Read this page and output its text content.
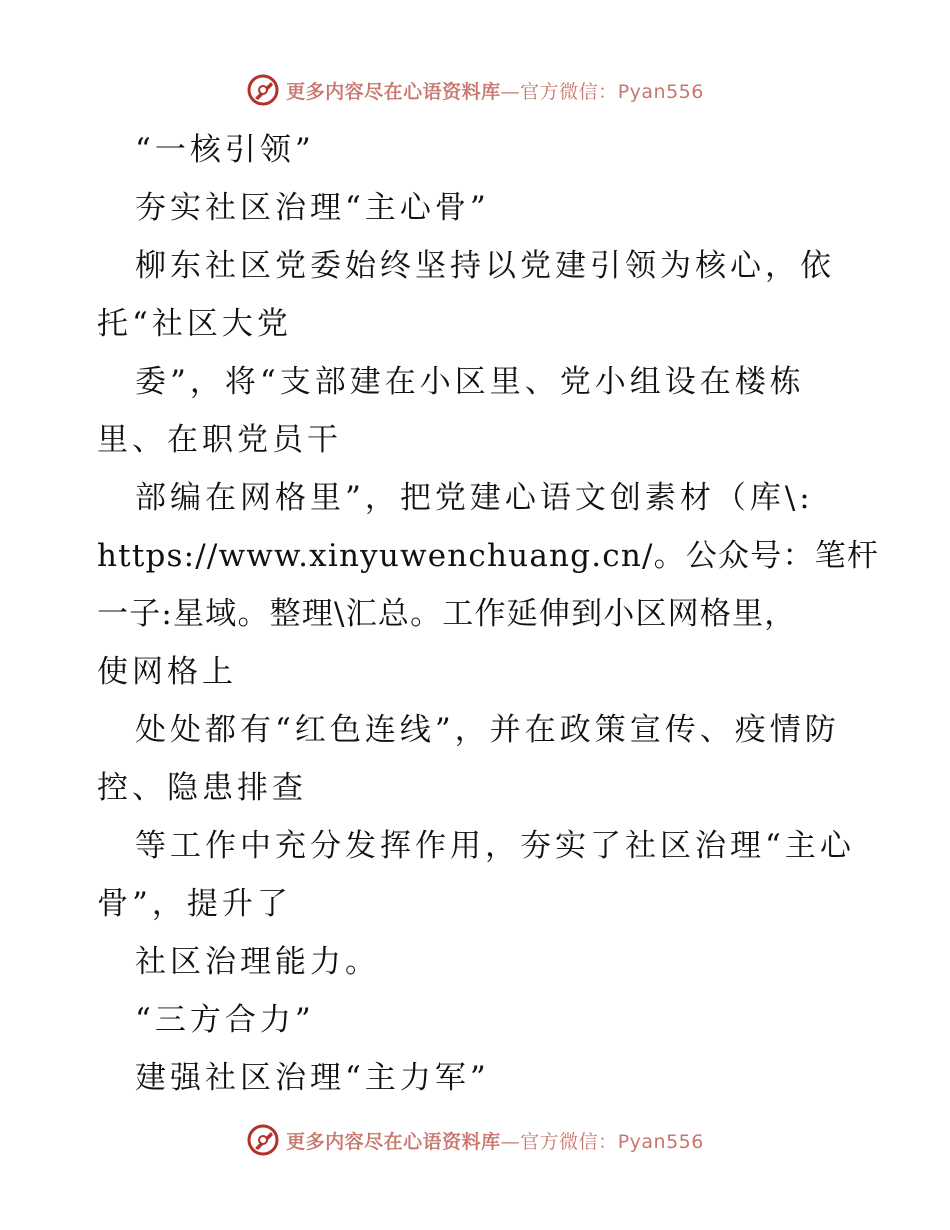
更多内容尽在心语资料库—官方微信：Pyan556
“一核引领”
夯实社区治理“主心骨”
柳东社区党委始终坚持以党建引领为核心，依
托“社区大党
委”，将“支部建在小区里、党小组设在楼栋
里、在职党员干
部编在网格里”，把党建心语文创素材（库\:
https://www.xinyuwenchuang.cn/。公众号：笔杆
一子:星域。整理\汇总。工作延伸到小区网格里，
使网格上
处处都有“红色连线”，并在政策宣传、疫情防
控、隐患排查
等工作中充分发挥作用，夯实了社区治理“主心
骨”，提升了
社区治理能力。
“三方合力”
建强社区治理“主力军”
更多内容尽在心语资料库—官方微信：Pyan556
